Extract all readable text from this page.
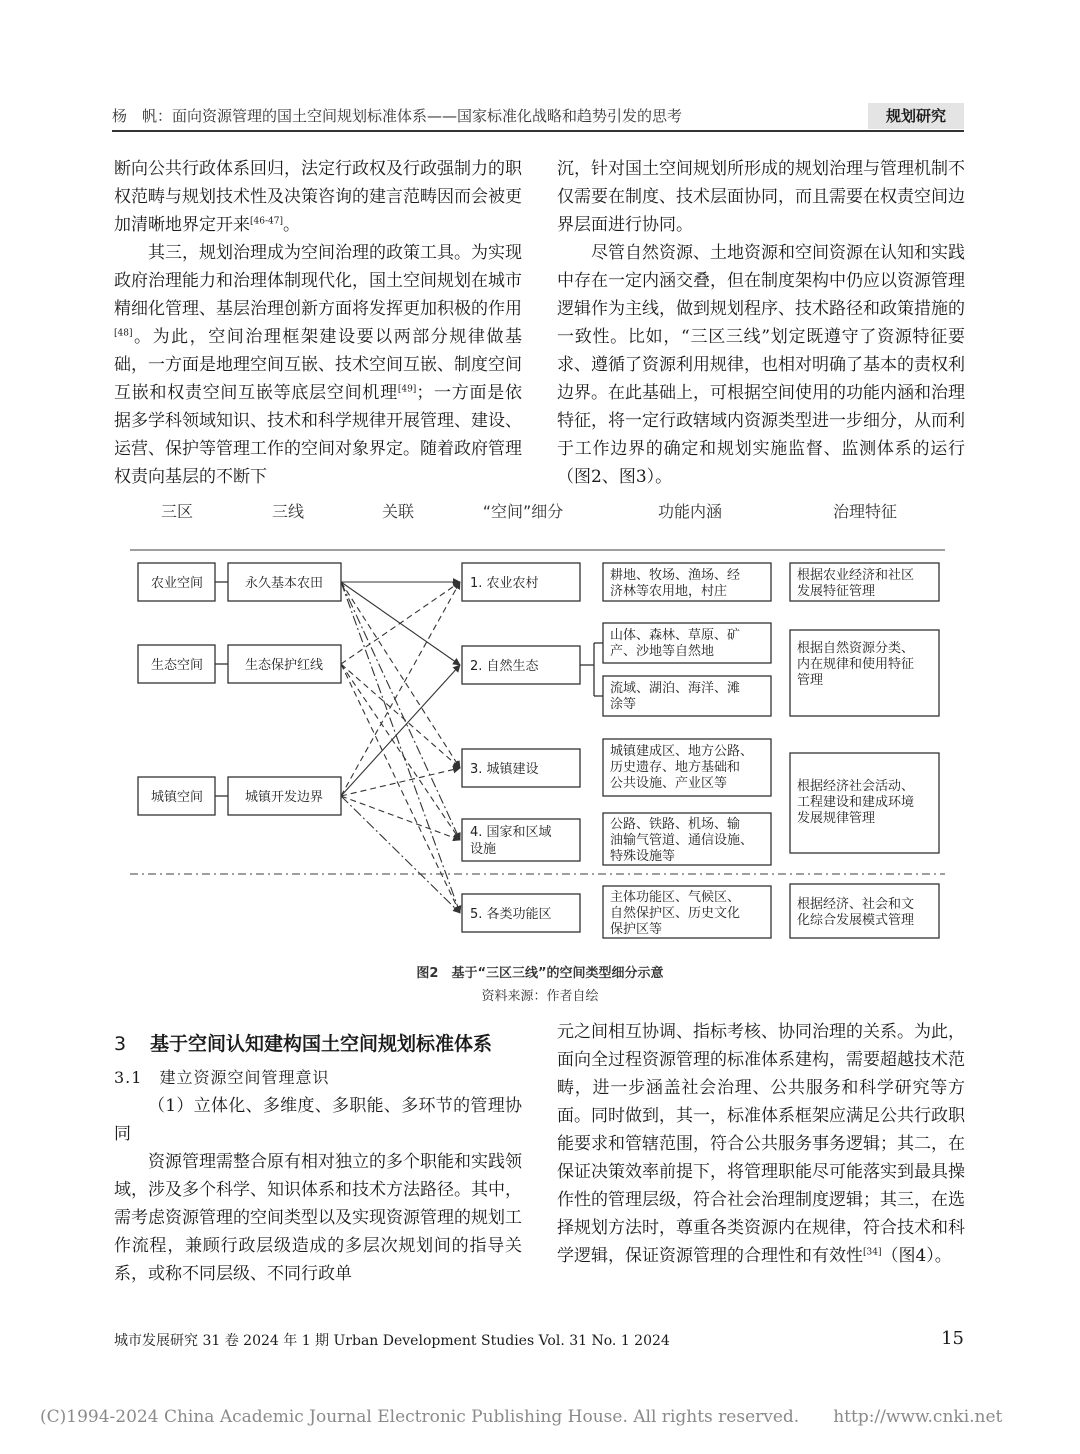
杨　帆：面向资源管理的国土空间规划标准体系——国家标准化战略和趋势引发的思考	规划研究

断向公共行政体系回归，法定行政权及行政强制力的职权范畴与规划技术性及决策咨询的建言范畴因而会被更加清晰地界定开来[46-47]。

其三，规划治理成为空间治理的政策工具。为实现政府治理能力和治理体制现代化，国土空间规划在城市精细化管理、基层治理创新方面将发挥更加积极的作用[48]。为此，空间治理框架建设要以两部分规律做基础，一方面是地理空间互嵌、技术空间互嵌、制度空间互嵌和权责空间互嵌等底层空间机理[49]；一方面是依据多学科领域知识、技术和科学规律开展管理、建设、运营、保护等管理工作的空间对象界定。随着政府管理权责向基层的不断下

沉，针对国土空间规划所形成的规划治理与管理机制不仅需要在制度、技术层面协同，而且需要在权责空间边界层面进行协同。

尽管自然资源、土地资源和空间资源在认知和实践中存在一定内涵交叠，但在制度架构中仍应以资源管理逻辑作为主线，做到规划程序、技术路径和政策措施的一致性。比如，“三区三线”划定既遵守了资源特征要求、遵循了资源利用规律，也相对明确了基本的责权利边界。在此基础上，可根据空间使用的功能内涵和治理特征，将一定行政辖域内资源类型进一步细分，从而利于工作边界的确定和规划实施监督、监测体系的运行（图2、图3）。

三区	三线	关联	“空间”细分	功能内涵	治理特征
农业空间
生态空间
城镇空间
永久基本农田
生态保护红线
城镇开发边界
1. 农业农村
2. 自然生态
3. 城镇建设
4. 国家和区域
设施
5. 各类功能区
耕地、牧场、渔场、经
济林等农用地，村庄
山体、森林、草原、矿
产、沙地等自然地
流域、湖泊、海洋、滩
涂等
城镇建成区、地方公路、
历史遗存、地方基础和
公共设施、产业区等
公路、铁路、机场、输
油输气管道、通信设施、
特殊设施等
主体功能区、气候区、
自然保护区、历史文化
保护区等
根据农业经济和社区
发展特征管理
根据自然资源分类、
内在规律和使用特征
管理
根据经济社会活动、
工程建设和建成环境
发展规律管理
根据经济、社会和文
化综合发展模式管理
图2　基于“三区三线”的空间类型细分示意
资料来源：作者自绘
3	基于空间认知建构国土空间规划标准体系

3.1　建立资源空间管理意识

（1）立体化、多维度、多职能、多环节的管理协同

资源管理需整合原有相对独立的多个职能和实践领域，涉及多个科学、知识体系和技术方法路径。其中，需考虑资源管理的空间类型以及实现资源管理的规划工作流程，兼顾行政层级造成的多层次规划间的指导关系，或称不同层级、不同行政单

元之间相互协调、指标考核、协同治理的关系。为此，面向全过程资源管理的标准体系建构，需要超越技术范畴，进一步涵盖社会治理、公共服务和科学研究等方面。同时做到，其一，标准体系框架应满足公共行政职能要求和管辖范围，符合公共服务事务逻辑；其二，在保证决策效率前提下，将管理职能尽可能落实到最具操作性的管理层级，符合社会治理制度逻辑；其三，在选择规划方法时，尊重各类资源内在规律，符合技术和科学逻辑，保证资源管理的合理性和有效性[34]（图4）。

城市发展研究 31 卷 2024 年 1 期 Urban Development Studies Vol. 31 No. 1 2024	15
(C)1994-2024 China Academic Journal Electronic Publishing House. All rights reserved.　　http://www.cnki.net
